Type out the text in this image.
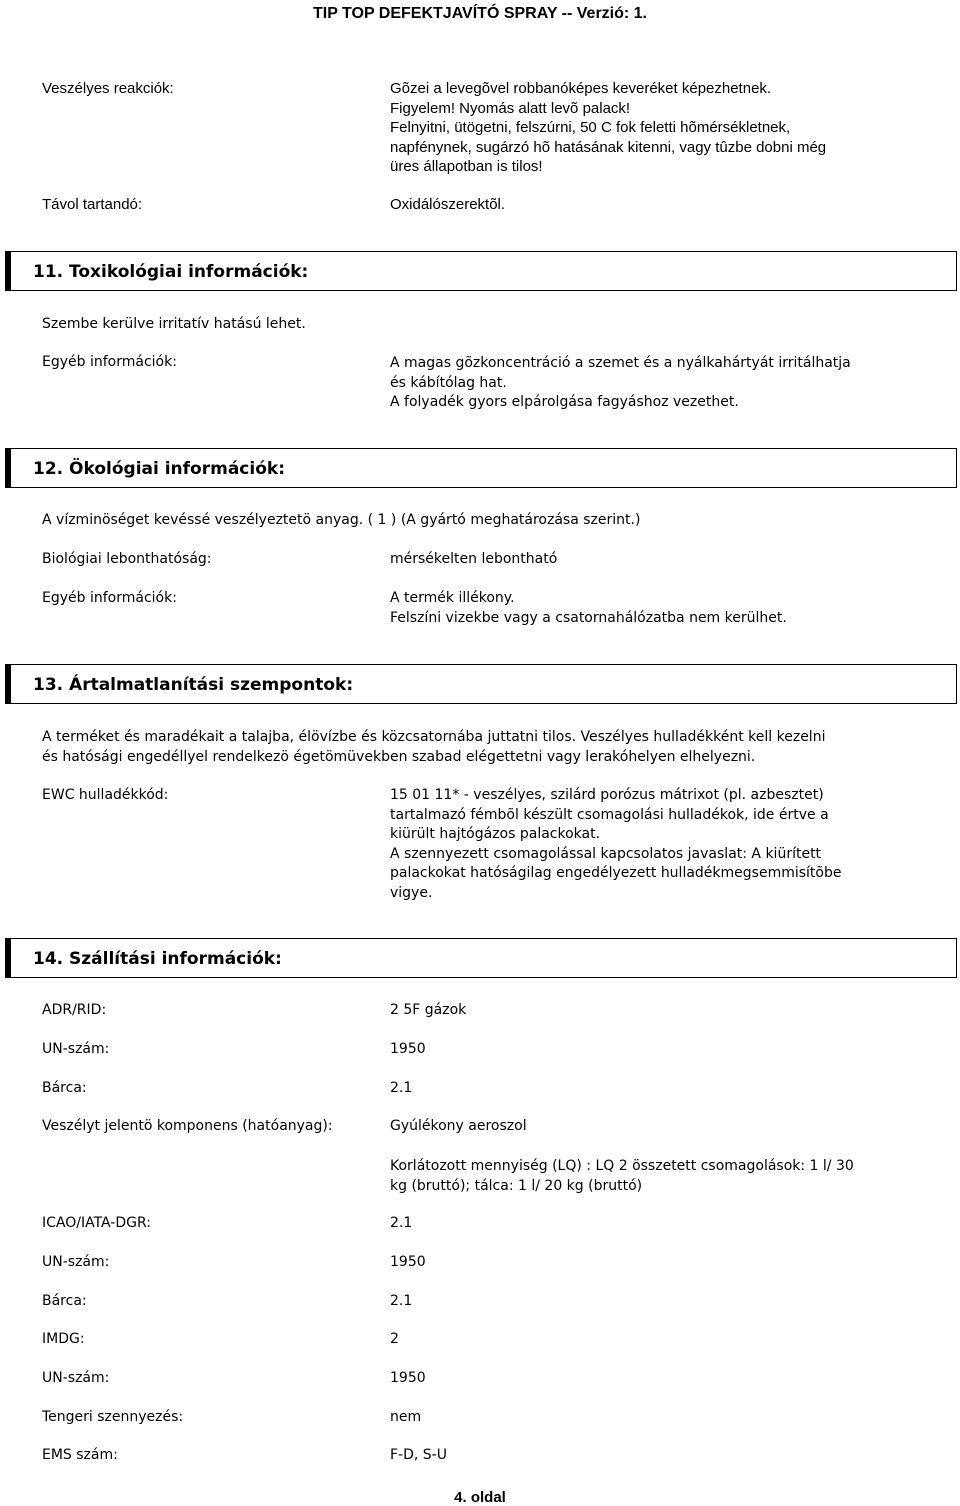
TIP TOP DEFEKTJAVÍTÓ SPRAY -- Verzió: 1.
Veszélyes reakciók:	Gõzei a levegõvel robbanóképes keveréket képezhetnek.
Figyelem! Nyomás alatt levõ palack!
Felnyitni, ütögetni, felszúrni, 50 C fok feletti hõmérsékletnek,
napfénynek, sugárzó hõ hatásának kitenni, vagy tûzbe dobni még
üres állapotban is tilos!
Távol tartandó:	Oxidálószerektõl.
11. Toxikológiai információk:
Szembe kerülve irritatív hatású lehet.
Egyéb információk:	A magas gõzkoncentráció a szemet és a nyálkahártyát irritálhatja
és kábítólag hat.
A folyadék gyors elpárolgása fagyáshoz vezethet.
12. Ökológiai információk:
A vízminöséget kevéssé veszélyeztetö anyag. ( 1 ) (A gyártó meghatározása szerint.)
Biológiai lebonthatóság:	mérsékelten lebontható
Egyéb információk:	A termék illékony.
Felszíni vizekbe vagy a csatornahálózatba nem kerülhet.
13. Ártalmatlanítási szempontok:
A terméket és maradékait a talajba, élövízbe és közcsatornába juttatni tilos. Veszélyes hulladékként kell kezelni
és hatósági engedéllyel rendelkezö égetömüvekben szabad elégettetni vagy lerakóhelyen elhelyezni.
EWC hulladékkód:	15 01 11* - veszélyes, szilárd porózus mátrixot (pl. azbesztet)
tartalmazó fémbõl készült csomagolási hulladékok, ide értve a
kiürült hajtógázos palackokat.
A szennyezett csomagolással kapcsolatos javaslat: A kiürített
palackokat hatóságilag engedélyezett hulladékmegsemmisítõbe
vigye.
14. Szállítási információk:
ADR/RID:	2 5F gázok
UN-szám:	1950
Bárca:	2.1
Veszélyt jelentö komponens (hatóanyag):	Gyúlékony aeroszol
Korlátozott mennyiség (LQ) : LQ 2 összetett csomagolások: 1 l/ 30
kg (bruttó); tálca: 1 l/ 20 kg (bruttó)
ICAO/IATA-DGR:	2.1
UN-szám:	1950
Bárca:	2.1
IMDG:	2
UN-szám:	1950
Tengeri szennyezés:	nem
EMS szám:	F-D, S-U
4. oldal
